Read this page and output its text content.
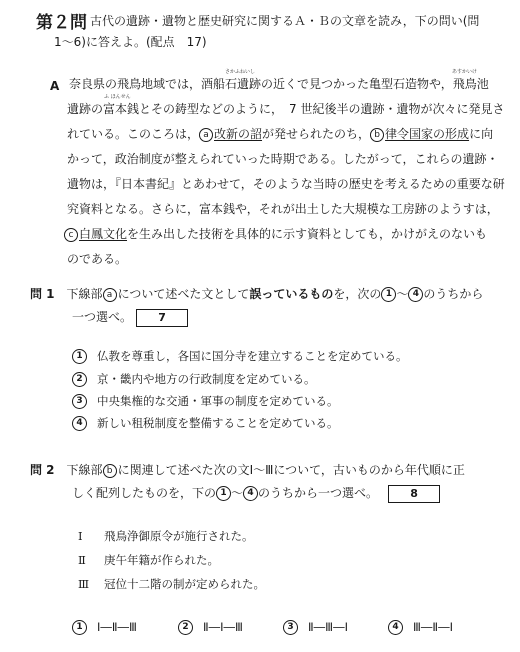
第２問 古代の遺跡・遺物と歴史研究に関するＡ・Ｂの文章を読み，下の問い(問
1〜6)に答えよ。(配点　17)
A
さかふねいし	あすかいけ
ふ ほんせん
奈良県の飛鳥地域では，酒船石遺跡の近くで見つかった亀型石造物や，飛鳥池
遺跡の富本銭とその鋳型などのように，　7 世紀後半の遺跡・遺物が次々に発見さ
れている。このころは， a 改新の詔が発せられたのち， b 律令国家の形成に向
かって，政治制度が整えられていった時期である。したがって，これらの遺跡・
遺物は，『日本書紀』とあわせて，そのような当時の歴史を考えるための重要な研
究資料となる。さらに，富本銭や，それが出土した大規模な工房跡のようすは，
c 白鳳文化を生み出した技術を具体的に示す資料としても，かけがえのないも
のである。
問 1　 下線部 a について述べた文として誤っているものを，次の 1 〜 4 のうちから
一つ選べ。 7
1 仏教を尊重し，各国に国分寺を建立することを定めている。
2 京・畿内や地方の行政制度を定めている。
3 中央集権的な交通・軍事の制度を定めている。
4 新しい租税制度を整備することを定めている。
問 2　 下線部 b に関連して述べた次の文Ⅰ〜Ⅲについて，古いものから年代順に正
しく配列したものを，下の 1 〜 4 のうちから一つ選べ。	8
Ⅰ 飛鳥浄御原令が施行された。
Ⅱ 庚午年籍が作られた。
Ⅲ 冠位十二階の制が定められた。
1 Ⅰ―Ⅱ―Ⅲ	2 Ⅱ―Ⅰ―Ⅲ	3 Ⅱ―Ⅲ―Ⅰ	4 Ⅲ―Ⅱ―Ⅰ
